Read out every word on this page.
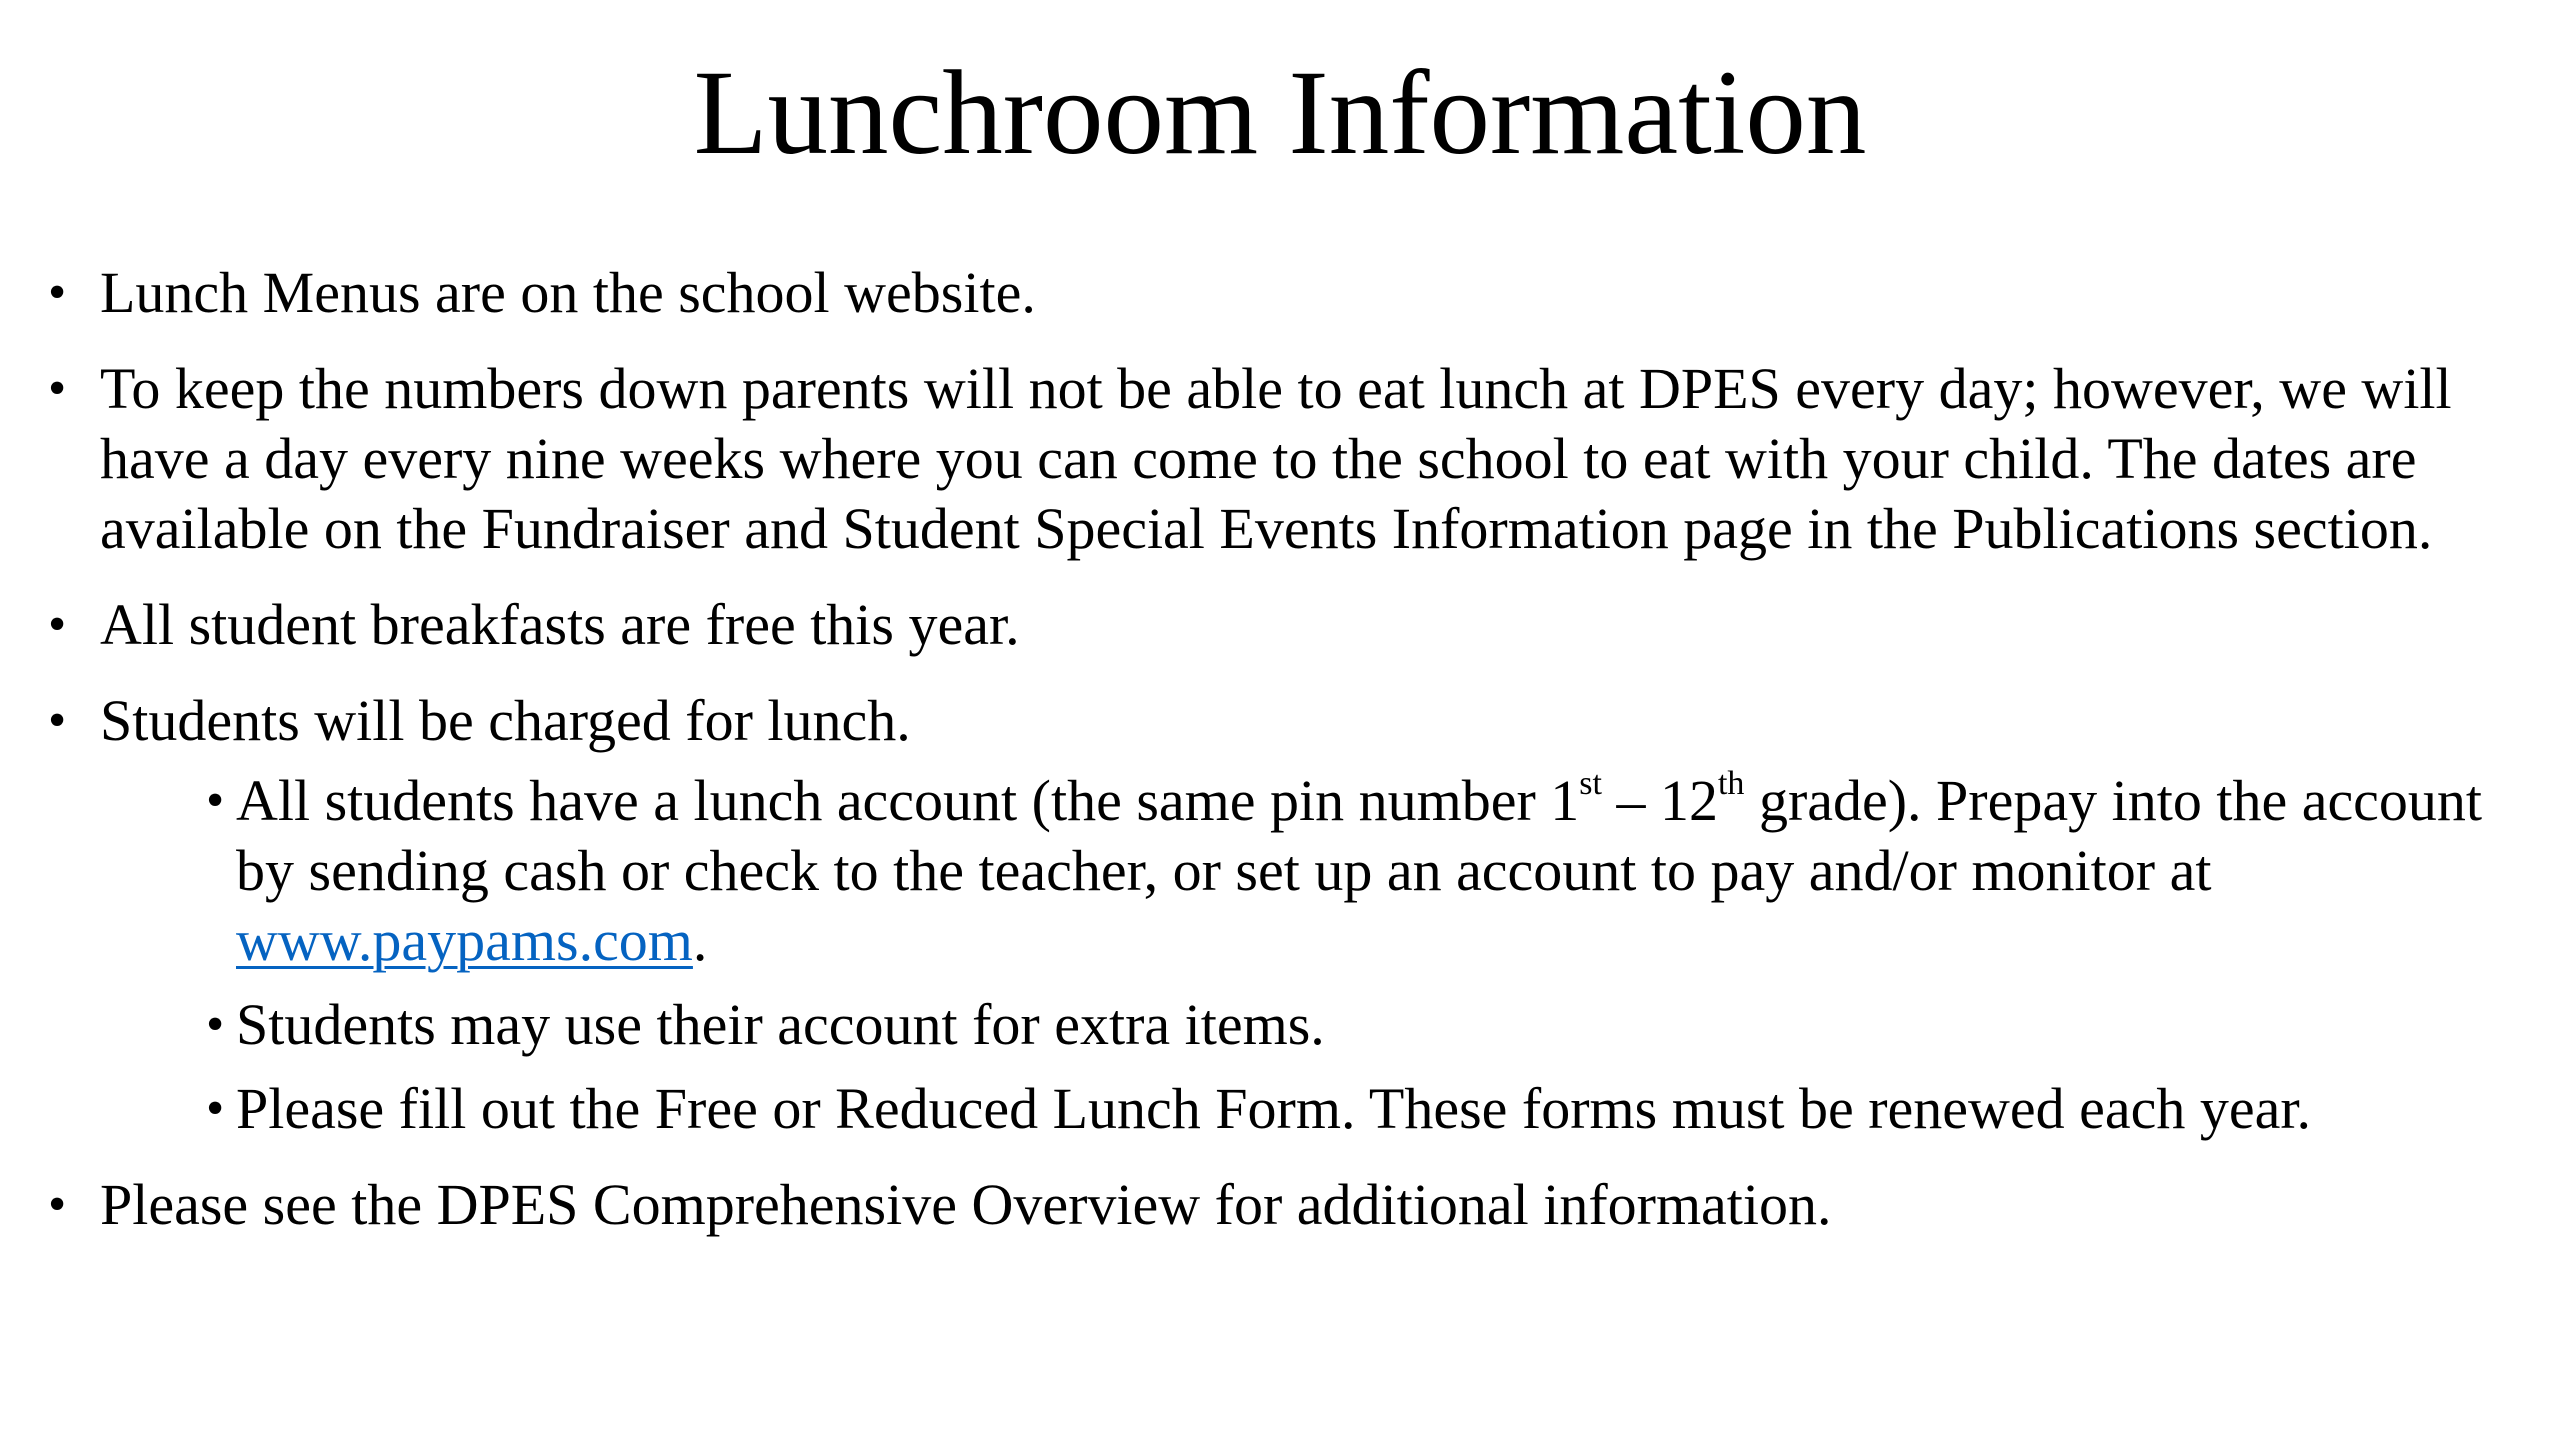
Lunchroom Information
• Lunch Menus are on the school website.
• To keep the numbers down parents will not be able to eat lunch at DPES every day; however, we will have a day every nine weeks where you can come to the school to eat with your child. The dates are available on the Fundraiser and Student Special Events Information page in the Publications section.
• All student breakfasts are free this year.
• Students will be charged for lunch.
• All students have a lunch account (the same pin number 1st – 12th grade). Prepay into the account by sending cash or check to the teacher, or set up an account to pay and/or monitor at www.paypams.com.
• Students may use their account for extra items.
• Please fill out the Free or Reduced Lunch Form. These forms must be renewed each year.
• Please see the DPES Comprehensive Overview for additional information.
